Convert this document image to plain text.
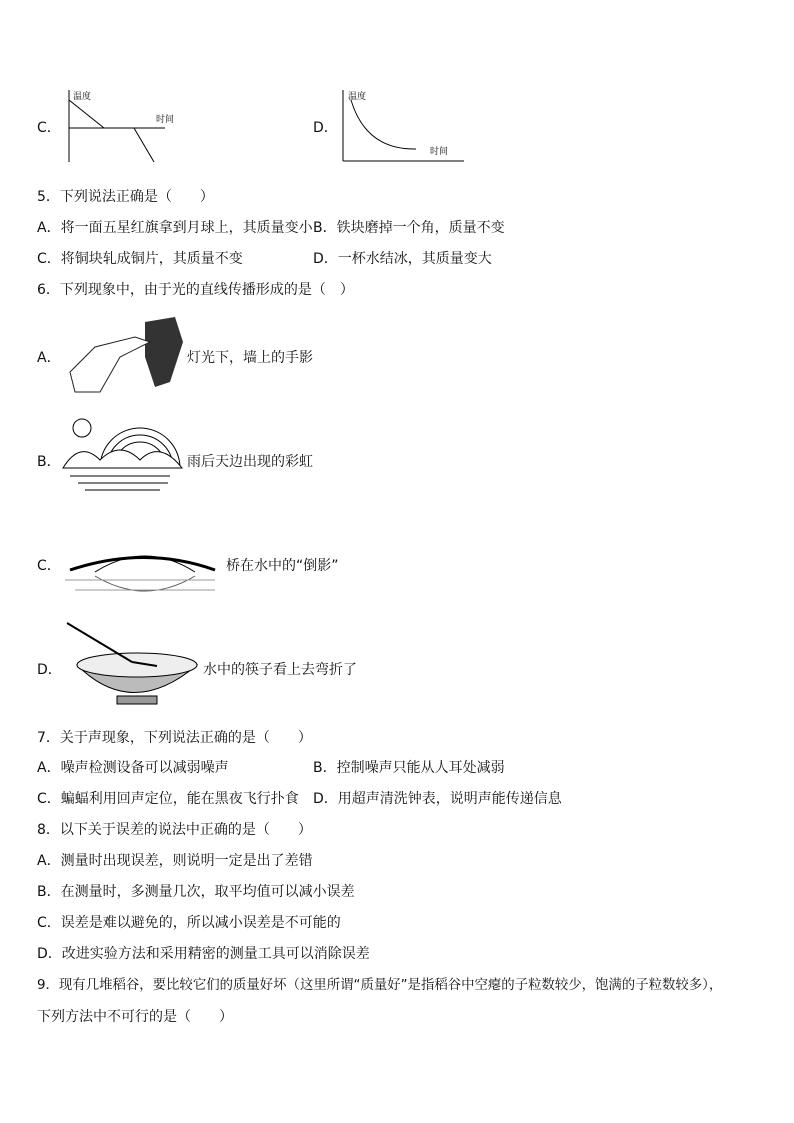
C．
温度
时间	D．
温度
时间
5．下列说法正确是（　　）
A．将一面五星红旗拿到月球上，其质量变小 B．铁块磨掉一个角，质量不变
C．将铜块轧成铜片，其质量不变	D．一杯水结冰，其质量变大
6．下列现象中，由于光的直线传播形成的是（　）
A．	灯光下，墙上的手影
B．	雨后天边出现的彩虹
C．	桥在水中的“倒影”
D．	水中的筷子看上去弯折了
7．关于声现象，下列说法正确的是（　　）
A．噪声检测设备可以减弱噪声	B．控制噪声只能从人耳处减弱
C．蝙蝠利用回声定位，能在黑夜飞行扑食 D．用超声清洗钟表，说明声能传递信息
8．以下关于误差的说法中正确的是（　　）
A．测量时出现误差，则说明一定是出了差错
B．在测量时，多测量几次，取平均值可以减小误差
C．误差是难以避免的，所以减小误差是不可能的
D．改进实验方法和采用精密的测量工具可以消除误差
9．现有几堆稻谷，要比较它们的质量好坏（这里所谓“质量好”是指稻谷中空瘪的子粒数较少，饱满的子粒数较多），
下列方法中不可行的是（　　）
